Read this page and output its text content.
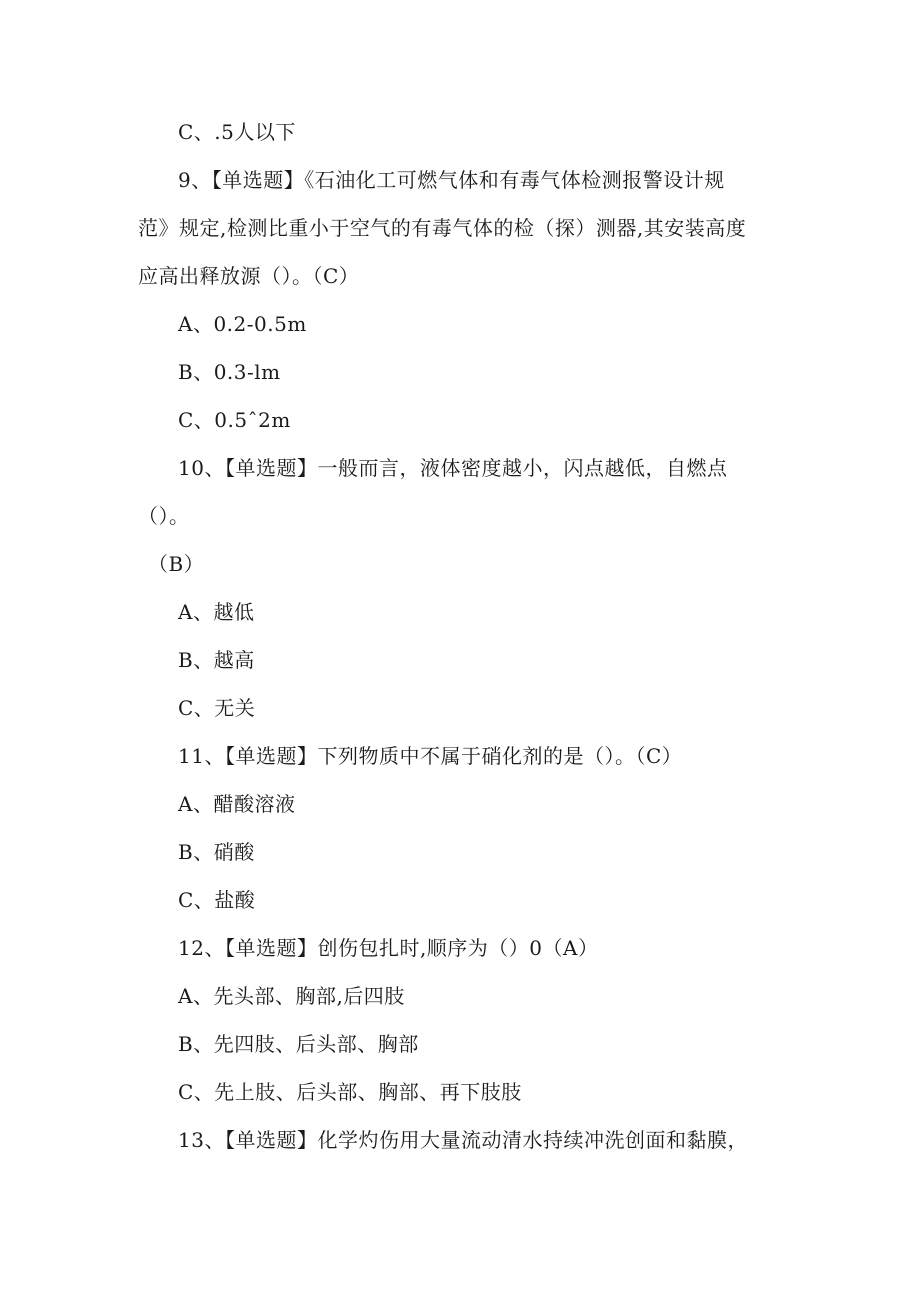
C、.5人以下
9、【单选题】《石油化工可燃气体和有毒气体检测报警设计规
范》规定,检测比重小于空气的有毒气体的检（探）测器,其安装高度
应高出释放源（）。（C）
A、0.2-0.5m
B、0.3-lm
C、0.5ˆ2m
10、【单选题】一般而言，液体密度越小，闪点越低，自燃点
（）。
（B）
A、越低
B、越高
C、无关
11、【单选题】下列物质中不属于硝化剂的是（）。（C）
A、醋酸溶液
B、硝酸
C、盐酸
12、【单选题】创伤包扎时,顺序为（）0（A）
A、先头部、胸部,后四肢
B、先四肢、后头部、胸部
C、先上肢、后头部、胸部、再下肢肢
13、【单选题】化学灼伤用大量流动清水持续冲洗创面和黏膜，
